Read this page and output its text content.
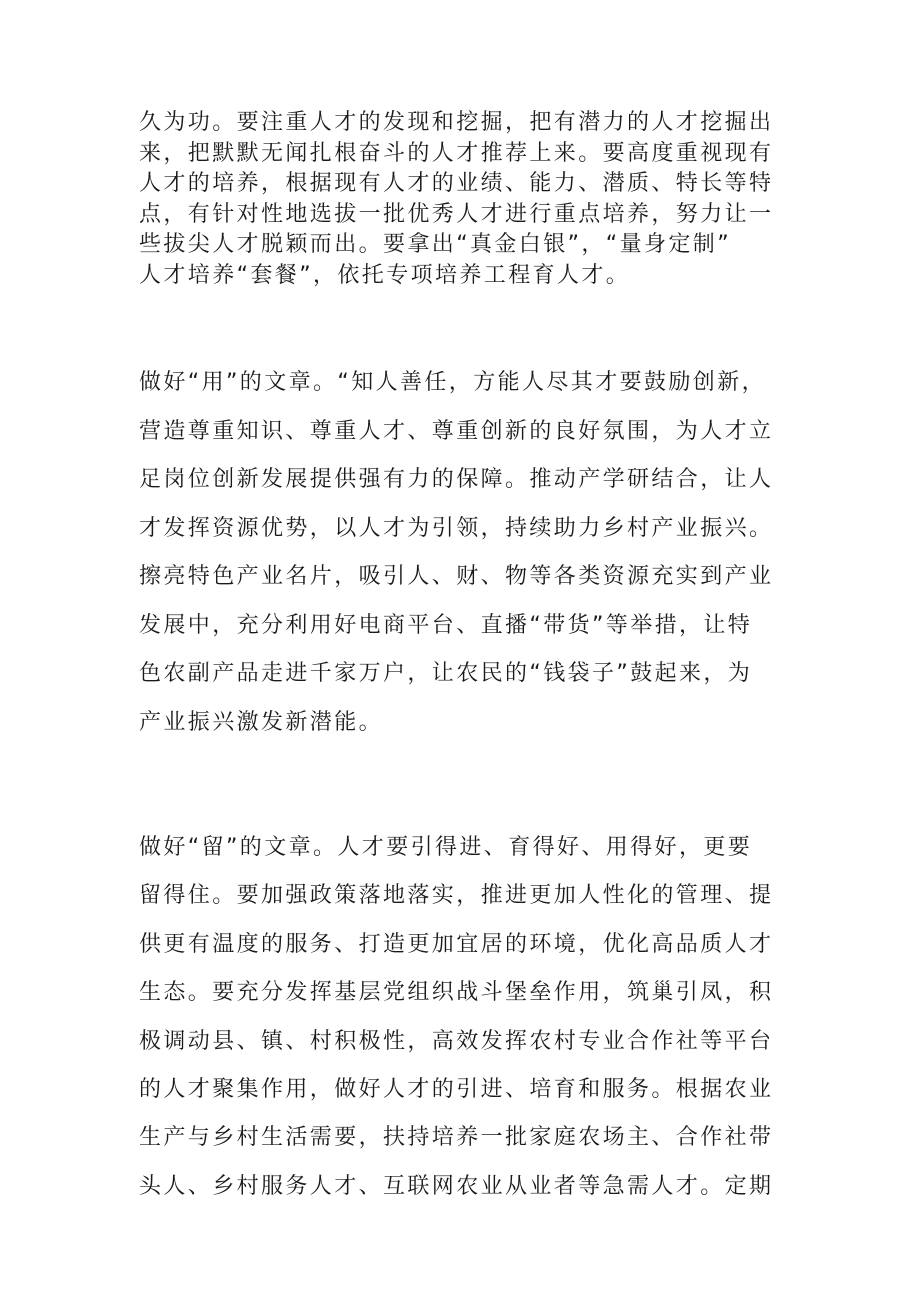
久为功。要注重人才的发现和挖掘，把有潜力的人才挖掘出
来，把默默无闻扎根奋斗的人才推荐上来。要高度重视现有
人才的培养，根据现有人才的业绩、能力、潜质、特长等特
点，有针对性地选拔一批优秀人才进行重点培养，努力让一
些拔尖人才脱颖而出。要拿出“真金白银”，“量身定制”
人才培养“套餐”，依托专项培养工程育人才。
做好“用”的文章。“知人善任，方能人尽其才要鼓励创新，
营造尊重知识、尊重人才、尊重创新的良好氛围，为人才立
足岗位创新发展提供强有力的保障。推动产学研结合，让人
才发挥资源优势，以人才为引领，持续助力乡村产业振兴。
擦亮特色产业名片，吸引人、财、物等各类资源充实到产业
发展中，充分利用好电商平台、直播“带货”等举措，让特
色农副产品走进千家万户，让农民的“钱袋子”鼓起来，为
产业振兴激发新潜能。
做好“留”的文章。人才要引得进、育得好、用得好，更要
留得住。要加强政策落地落实，推进更加人性化的管理、提
供更有温度的服务、打造更加宜居的环境，优化高品质人才
生态。要充分发挥基层党组织战斗堡垒作用，筑巢引凤，积
极调动县、镇、村积极性，高效发挥农村专业合作社等平台
的人才聚集作用，做好人才的引进、培育和服务。根据农业
生产与乡村生活需要，扶持培养一批家庭农场主、合作社带
头人、乡村服务人才、互联网农业从业者等急需人才。定期
